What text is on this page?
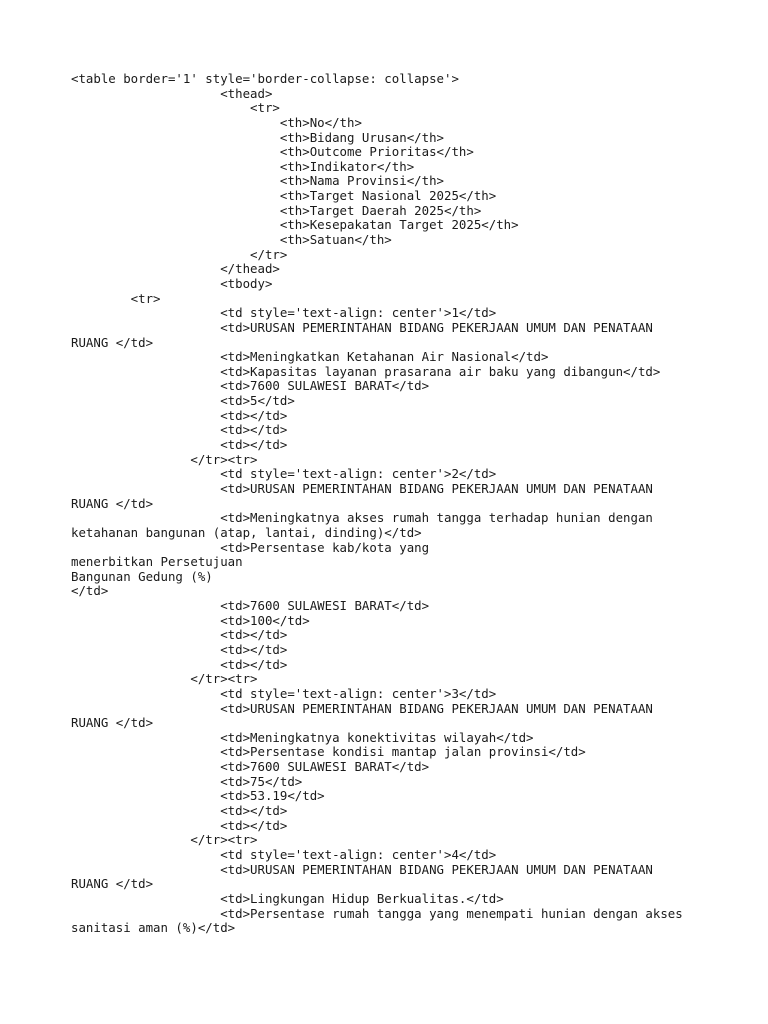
<table border='1' style='border-collapse: collapse'>
<thead>
<tr>
<th>No</th>
<th>Bidang Urusan</th>
<th>Outcome Prioritas</th>
<th>Indikator</th>
<th>Nama Provinsi</th>
<th>Target Nasional 2025</th>
<th>Target Daerah 2025</th>
<th>Kesepakatan Target 2025</th>
<th>Satuan</th>
</tr>
</thead>
<tbody>
<tr>
<td style='text-align: center'>1</td>
<td>URUSAN PEMERINTAHAN BIDANG PEKERJAAN UMUM DAN PENATAAN
RUANG </td>
<td>Meningkatkan Ketahanan Air Nasional</td>
<td>Kapasitas layanan prasarana air baku yang dibangun</td>
<td>7600 SULAWESI BARAT</td>
<td>5</td>
<td></td>
<td></td>
<td></td>
</tr><tr>
<td style='text-align: center'>2</td>
<td>URUSAN PEMERINTAHAN BIDANG PEKERJAAN UMUM DAN PENATAAN
RUANG </td>
<td>Meningkatnya akses rumah tangga terhadap hunian dengan
ketahanan bangunan (atap, lantai, dinding)</td>
<td>Persentase kab/kota yang
menerbitkan Persetujuan
Bangunan Gedung (%)
</td>
<td>7600 SULAWESI BARAT</td>
<td>100</td>
<td></td>
<td></td>
<td></td>
</tr><tr>
<td style='text-align: center'>3</td>
<td>URUSAN PEMERINTAHAN BIDANG PEKERJAAN UMUM DAN PENATAAN
RUANG </td>
<td>Meningkatnya konektivitas wilayah</td>
<td>Persentase kondisi mantap jalan provinsi</td>
<td>7600 SULAWESI BARAT</td>
<td>75</td>
<td>53.19</td>
<td></td>
<td></td>
</tr><tr>
<td style='text-align: center'>4</td>
<td>URUSAN PEMERINTAHAN BIDANG PEKERJAAN UMUM DAN PENATAAN
RUANG </td>
<td>Lingkungan Hidup Berkualitas.</td>
<td>Persentase rumah tangga yang menempati hunian dengan akses
sanitasi aman (%)</td>
